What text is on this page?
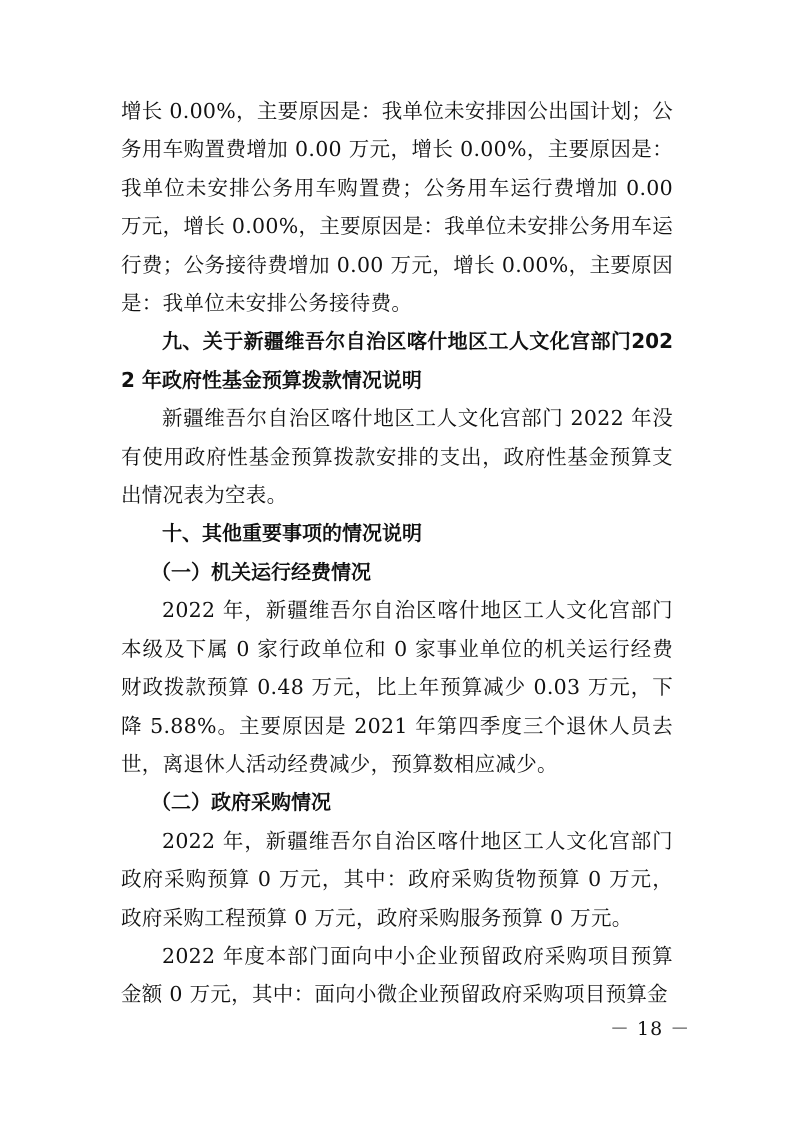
增长 0.00%，主要原因是：我单位未安排因公出国计划；公务用车购置费增加 0.00 万元，增长 0.00%，主要原因是：我单位未安排公务用车购置费；公务用车运行费增加 0.00 万元，增长 0.00%，主要原因是：我单位未安排公务用车运行费；公务接待费增加 0.00 万元，增长 0.00%，主要原因是：我单位未安排公务接待费。

九、关于新疆维吾尔自治区喀什地区工人文化宫部门2022 年政府性基金预算拨款情况说明

新疆维吾尔自治区喀什地区工人文化宫部门 2022 年没有使用政府性基金预算拨款安排的支出，政府性基金预算支出情况表为空表。

十、其他重要事项的情况说明

（一）机关运行经费情况

2022 年，新疆维吾尔自治区喀什地区工人文化宫部门本级及下属 0 家行政单位和 0 家事业单位的机关运行经费财政拨款预算 0.48 万元，比上年预算减少 0.03 万元，下降 5.88%。主要原因是 2021 年第四季度三个退休人员去世，离退休人活动经费减少，预算数相应减少。

（二）政府采购情况

2022 年，新疆维吾尔自治区喀什地区工人文化宫部门政府采购预算 0 万元，其中：政府采购货物预算 0 万元，政府采购工程预算 0 万元，政府采购服务预算 0 万元。

2022 年度本部门面向中小企业预留政府采购项目预算金额 0 万元，其中：面向小微企业预留政府采购项目预算金

－ 18 －
